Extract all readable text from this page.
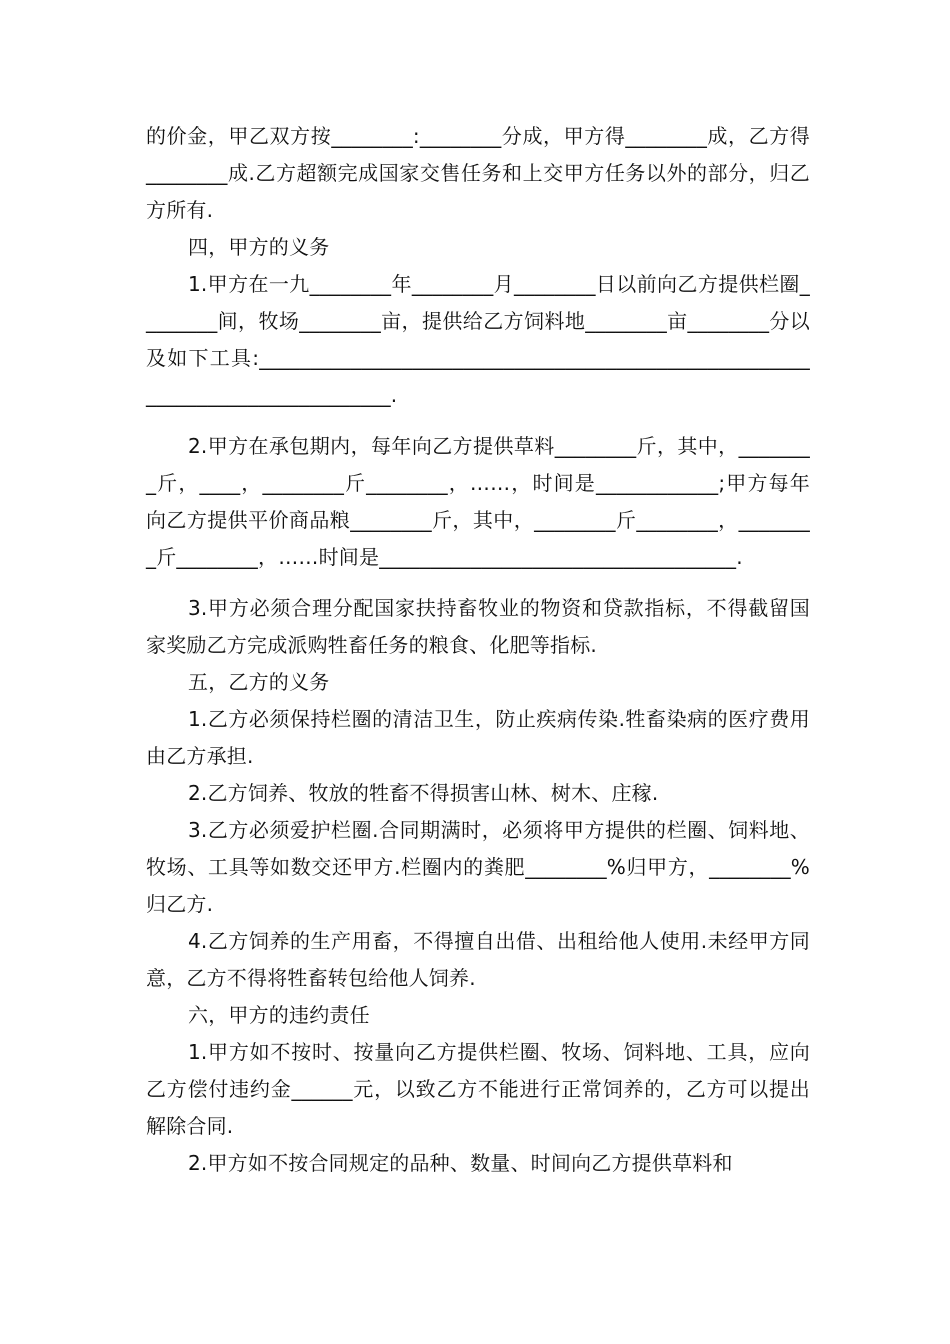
的价金，甲乙双方按________:________分成，甲方得________成，乙方得________成.乙方超额完成国家交售任务和上交甲方任务以外的部分，归乙方所有.

四，甲方的义务

1.甲方在一九________年________月________日以前向乙方提供栏圈________间，牧场________亩，提供给乙方饲料地________亩________分以及如下工具:______________________________________________________________________________.

2.甲方在承包期内，每年向乙方提供草料________斤，其中，________斤，____，________斤________，……，时间是____________;甲方每年向乙方提供平价商品粮________斤，其中，________斤________，________斤________，……时间是___________________________________.

3.甲方必须合理分配国家扶持畜牧业的物资和贷款指标，不得截留国家奖励乙方完成派购牲畜任务的粮食、化肥等指标.

五，乙方的义务

1.乙方必须保持栏圈的清洁卫生，防止疾病传染.牲畜染病的医疗费用由乙方承担.

2.乙方饲养、牧放的牲畜不得损害山林、树木、庄稼.

3.乙方必须爱护栏圈.合同期满时，必须将甲方提供的栏圈、饲料地、牧场、工具等如数交还甲方.栏圈内的粪肥________%归甲方，________%归乙方.

4.乙方饲养的生产用畜，不得擅自出借、出租给他人使用.未经甲方同意，乙方不得将牲畜转包给他人饲养.

六，甲方的违约责任

1.甲方如不按时、按量向乙方提供栏圈、牧场、饲料地、工具，应向乙方偿付违约金______元，以致乙方不能进行正常饲养的，乙方可以提出解除合同.

2.甲方如不按合同规定的品种、数量、时间向乙方提供草料和
